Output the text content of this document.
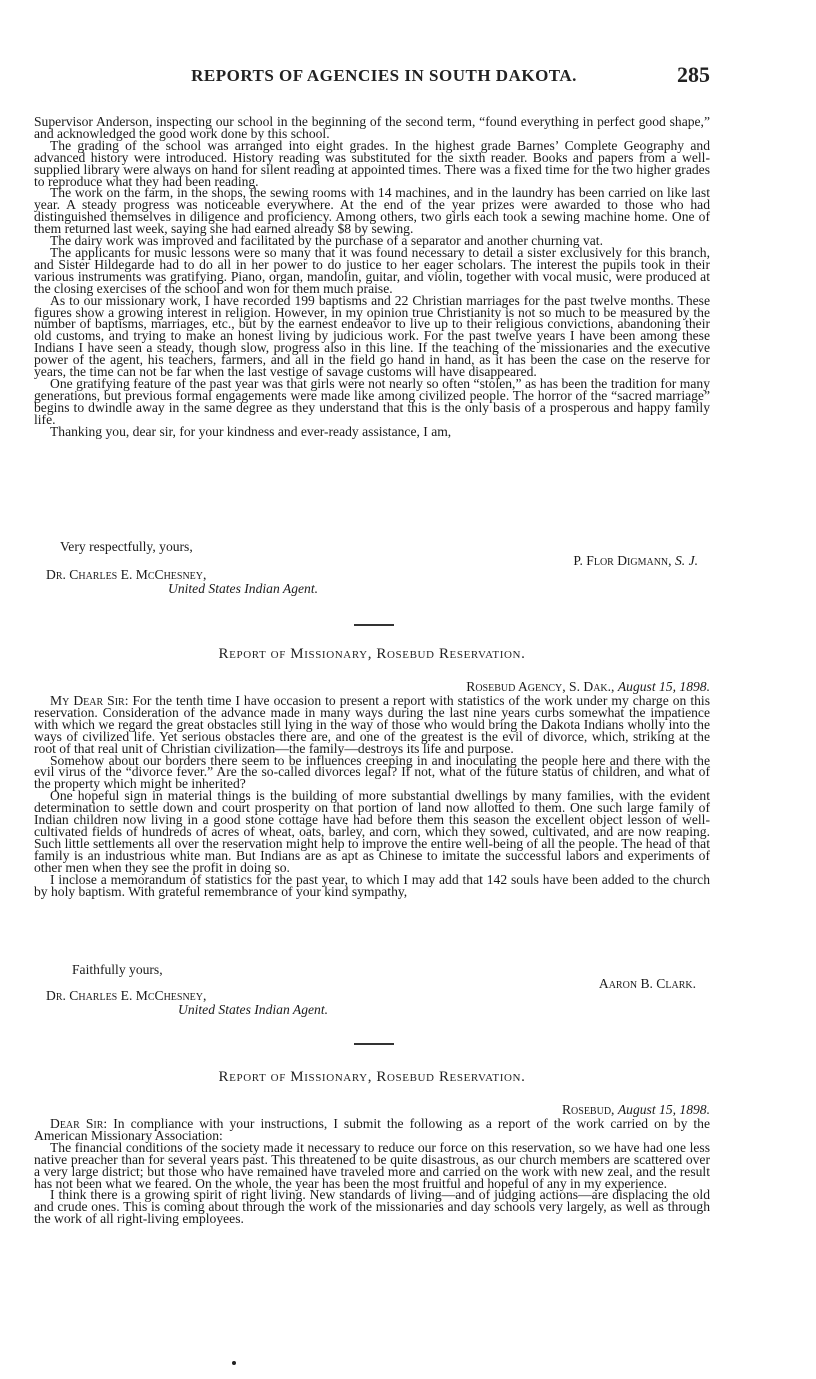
REPORTS OF AGENCIES IN SOUTH DAKOTA.	285

Supervisor Anderson, inspecting our school in the beginning of the second term, “found everything in perfect good shape,” and acknowledged the good work done by this school.

The grading of the school was arranged into eight grades. In the highest grade Barnes’ Complete Geography and advanced history were introduced. History reading was substituted for the sixth reader. Books and papers from a well-supplied library were always on hand for silent reading at appointed times. There was a fixed time for the two higher grades to reproduce what they had been reading.

The work on the farm, in the shops, the sewing rooms with 14 machines, and in the laundry has been carried on like last year. A steady progress was noticeable everywhere. At the end of the year prizes were awarded to those who had distinguished themselves in diligence and proficiency. Among others, two girls each took a sewing machine home. One of them returned last week, saying she had earned already $8 by sewing.

The dairy work was improved and facilitated by the purchase of a separator and another churning vat.

The applicants for music lessons were so many that it was found necessary to detail a sister exclusively for this branch, and Sister Hildegarde had to do all in her power to do justice to her eager scholars. The interest the pupils took in their various instruments was gratifying. Piano, organ, mandolin, guitar, and violin, together with vocal music, were produced at the closing exercises of the school and won for them much praise.

As to our missionary work, I have recorded 199 baptisms and 22 Christian marriages for the past twelve months. These figures show a growing interest in religion. However, in my opinion true Christianity is not so much to be measured by the number of baptisms, marriages, etc., but by the earnest endeavor to live up to their religious convictions, abandoning their old customs, and trying to make an honest living by judicious work. For the past twelve years I have been among these Indians I have seen a steady, though slow, progress also in this line. If the teaching of the missionaries and the executive power of the agent, his teachers, farmers, and all in the field go hand in hand, as it has been the case on the reserve for years, the time can not be far when the last vestige of savage customs will have disappeared.

One gratifying feature of the past year was that girls were not nearly so often “stolen,” as has been the tradition for many generations, but previous formal engagements were made like among civilized people. The horror of the “sacred marriage” begins to dwindle away in the same degree as they understand that this is the only basis of a prosperous and happy family life.

Thanking you, dear sir, for your kindness and ever-ready assistance, I am,

Very respectfully, yours,
P. Flor Digmann, S. J.
Dr. Charles E. McChesney,
United States Indian Agent.
Report of Missionary, Rosebud Reservation.
Rosebud Agency, S. Dak., August 15, 1898.

My Dear Sir: For the tenth time I have occasion to present a report with statistics of the work under my charge on this reservation. Consideration of the advance made in many ways during the last nine years curbs somewhat the impatience with which we regard the great obstacles still lying in the way of those who would bring the Dakota Indians wholly into the ways of civilized life. Yet serious obstacles there are, and one of the greatest is the evil of divorce, which, striking at the root of that real unit of Christian civilization—the family—destroys its life and purpose.

Somehow about our borders there seem to be influences creeping in and inoculating the people here and there with the evil virus of the “divorce fever.” Are the so-called divorces legal? If not, what of the future status of children, and what of the property which might be inherited?

One hopeful sign in material things is the building of more substantial dwellings by many families, with the evident determination to settle down and court prosperity on that portion of land now allotted to them. One such large family of Indian children now living in a good stone cottage have had before them this season the excellent object lesson of well-cultivated fields of hundreds of acres of wheat, oats, barley, and corn, which they sowed, cultivated, and are now reaping. Such little settlements all over the reservation might help to improve the entire well-being of all the people. The head of that family is an industrious white man. But Indians are as apt as Chinese to imitate the successful labors and experiments of other men when they see the profit in doing so.

I inclose a memorandum of statistics for the past year, to which I may add that 142 souls have been added to the church by holy baptism. With grateful remembrance of your kind sympathy,

Faithfully yours,
Aaron B. Clark.
Dr. Charles E. McChesney,
United States Indian Agent.
Report of Missionary, Rosebud Reservation.
Rosebud, August 15, 1898.

Dear Sir: In compliance with your instructions, I submit the following as a report of the work carried on by the American Missionary Association:

The financial conditions of the society made it necessary to reduce our force on this reservation, so we have had one less native preacher than for several years past. This threatened to be quite disastrous, as our church members are scattered over a very large district; but those who have remained have traveled more and carried on the work with new zeal, and the result has not been what we feared. On the whole, the year has been the most fruitful and hopeful of any in my experience.

I think there is a growing spirit of right living. New standards of living—and of judging actions—are displacing the old and crude ones. This is coming about through the work of the missionaries and day schools very largely, as well as through the work of all right-living employees.
